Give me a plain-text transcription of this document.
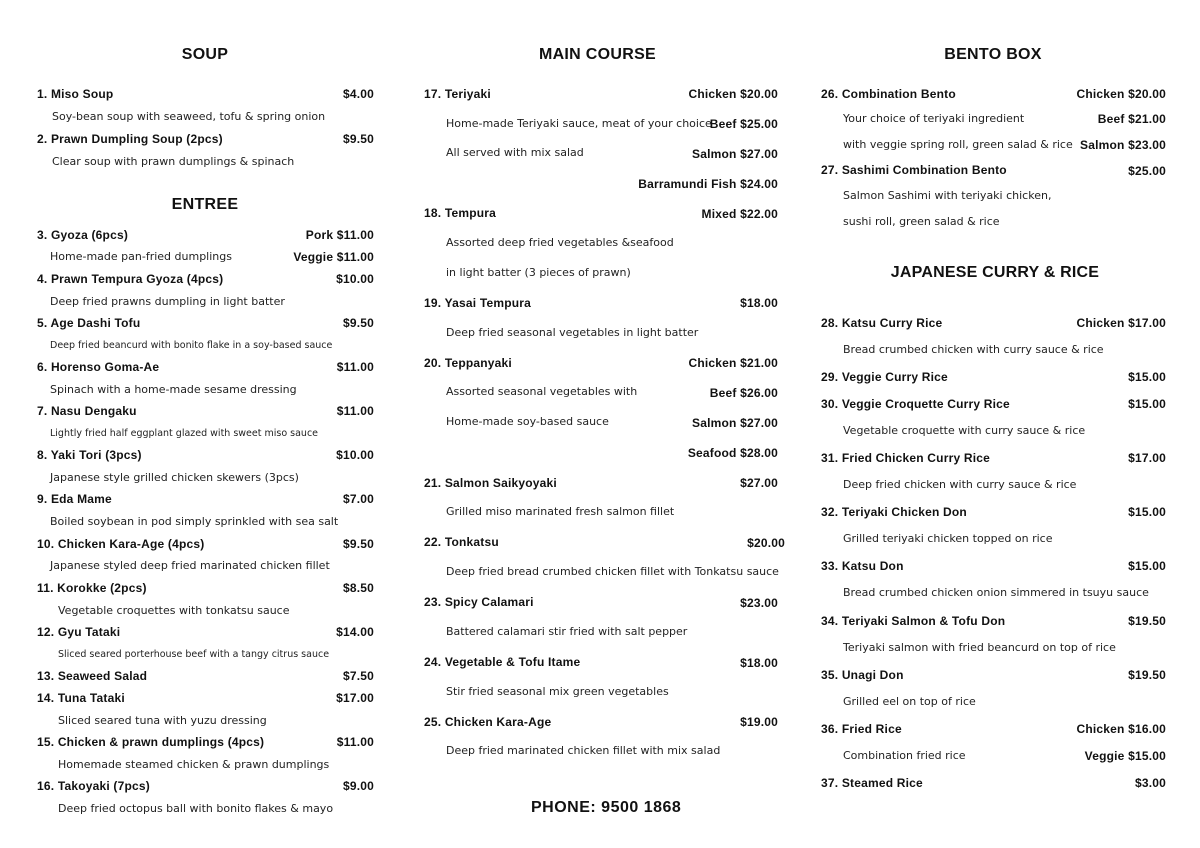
SOUP
1. Miso Soup	$4.00
Soy-bean soup with seaweed, tofu & spring onion
2. Prawn Dumpling Soup (2pcs)	$9.50
Clear soup with prawn dumplings & spinach
ENTREE
3. Gyoza (6pcs)	Pork $11.00
Home-made pan-fried dumplings	Veggie $11.00
4. Prawn Tempura Gyoza (4pcs)	$10.00
Deep fried prawns dumpling in light batter
5. Age Dashi Tofu	$9.50
Deep fried beancurd with bonito flake in a soy-based sauce
6. Horenso Goma-Ae	$11.00
Spinach with a home-made sesame dressing
7. Nasu Dengaku	$11.00
Lightly fried half eggplant glazed with sweet miso sauce
8. Yaki Tori (3pcs)	$10.00
Japanese style grilled chicken skewers (3pcs)
9. Eda Mame	$7.00
Boiled soybean in pod simply sprinkled with sea salt
10. Chicken Kara-Age (4pcs)	$9.50
Japanese styled deep fried marinated chicken fillet
11. Korokke (2pcs)	$8.50
Vegetable croquettes with tonkatsu sauce
12. Gyu Tataki	$14.00
Sliced seared porterhouse beef with a tangy citrus sauce
13. Seaweed Salad	$7.50
14. Tuna Tataki	$17.00
Sliced seared tuna with yuzu dressing
15. Chicken & prawn dumplings (4pcs)	$11.00
Homemade steamed chicken & prawn dumplings
16. Takoyaki (7pcs)	$9.00
Deep fried octopus ball with bonito flakes & mayo
MAIN COURSE
17. Teriyaki	Chicken $20.00
Home-made Teriyaki sauce, meat of your choice
Beef $25.00
All served with mix salad	Salmon $27.00
Barramundi Fish $24.00
18. Tempura	Mixed $22.00
Assorted deep fried vegetables &seafood
in light batter (3 pieces of prawn)
19. Yasai Tempura	$18.00
Deep fried seasonal vegetables in light batter
20. Teppanyaki	Chicken $21.00
Assorted seasonal vegetables with	Beef $26.00
Home-made soy-based sauce	Salmon $27.00
Seafood $28.00
21. Salmon Saikyoyaki	$27.00
Grilled miso marinated fresh salmon fillet
22. Tonkatsu	$20.00
Deep fried bread crumbed chicken fillet with Tonkatsu sauce
23. Spicy Calamari	$23.00
Battered calamari stir fried with salt pepper
24. Vegetable & Tofu Itame	$18.00
Stir fried seasonal mix green vegetables
25. Chicken Kara-Age	$19.00
Deep fried marinated chicken fillet with mix salad
PHONE: 9500 1868
BENTO BOX
26. Combination Bento	Chicken $20.00
Your choice of teriyaki ingredient	Beef $21.00
with veggie spring roll, green salad & rice Salmon $23.00
27. Sashimi Combination Bento	$25.00
Salmon Sashimi with teriyaki chicken,
sushi roll, green salad & rice
JAPANESE CURRY & RICE
28. Katsu Curry Rice	Chicken $17.00
Bread crumbed chicken with curry sauce & rice
29. Veggie Curry Rice	$15.00
30. Veggie Croquette Curry Rice	$15.00
Vegetable croquette with curry sauce & rice
31. Fried Chicken Curry Rice	$17.00
Deep fried chicken with curry sauce & rice
32. Teriyaki Chicken Don	$15.00
Grilled teriyaki chicken topped on rice
33. Katsu Don	$15.00
Bread crumbed chicken onion simmered in tsuyu sauce
34. Teriyaki Salmon & Tofu Don	$19.50
Teriyaki salmon with fried beancurd on top of rice
35. Unagi Don	$19.50
Grilled eel on top of rice
36. Fried Rice	Chicken $16.00
Combination fried rice	Veggie $15.00
37. Steamed Rice	$3.00
